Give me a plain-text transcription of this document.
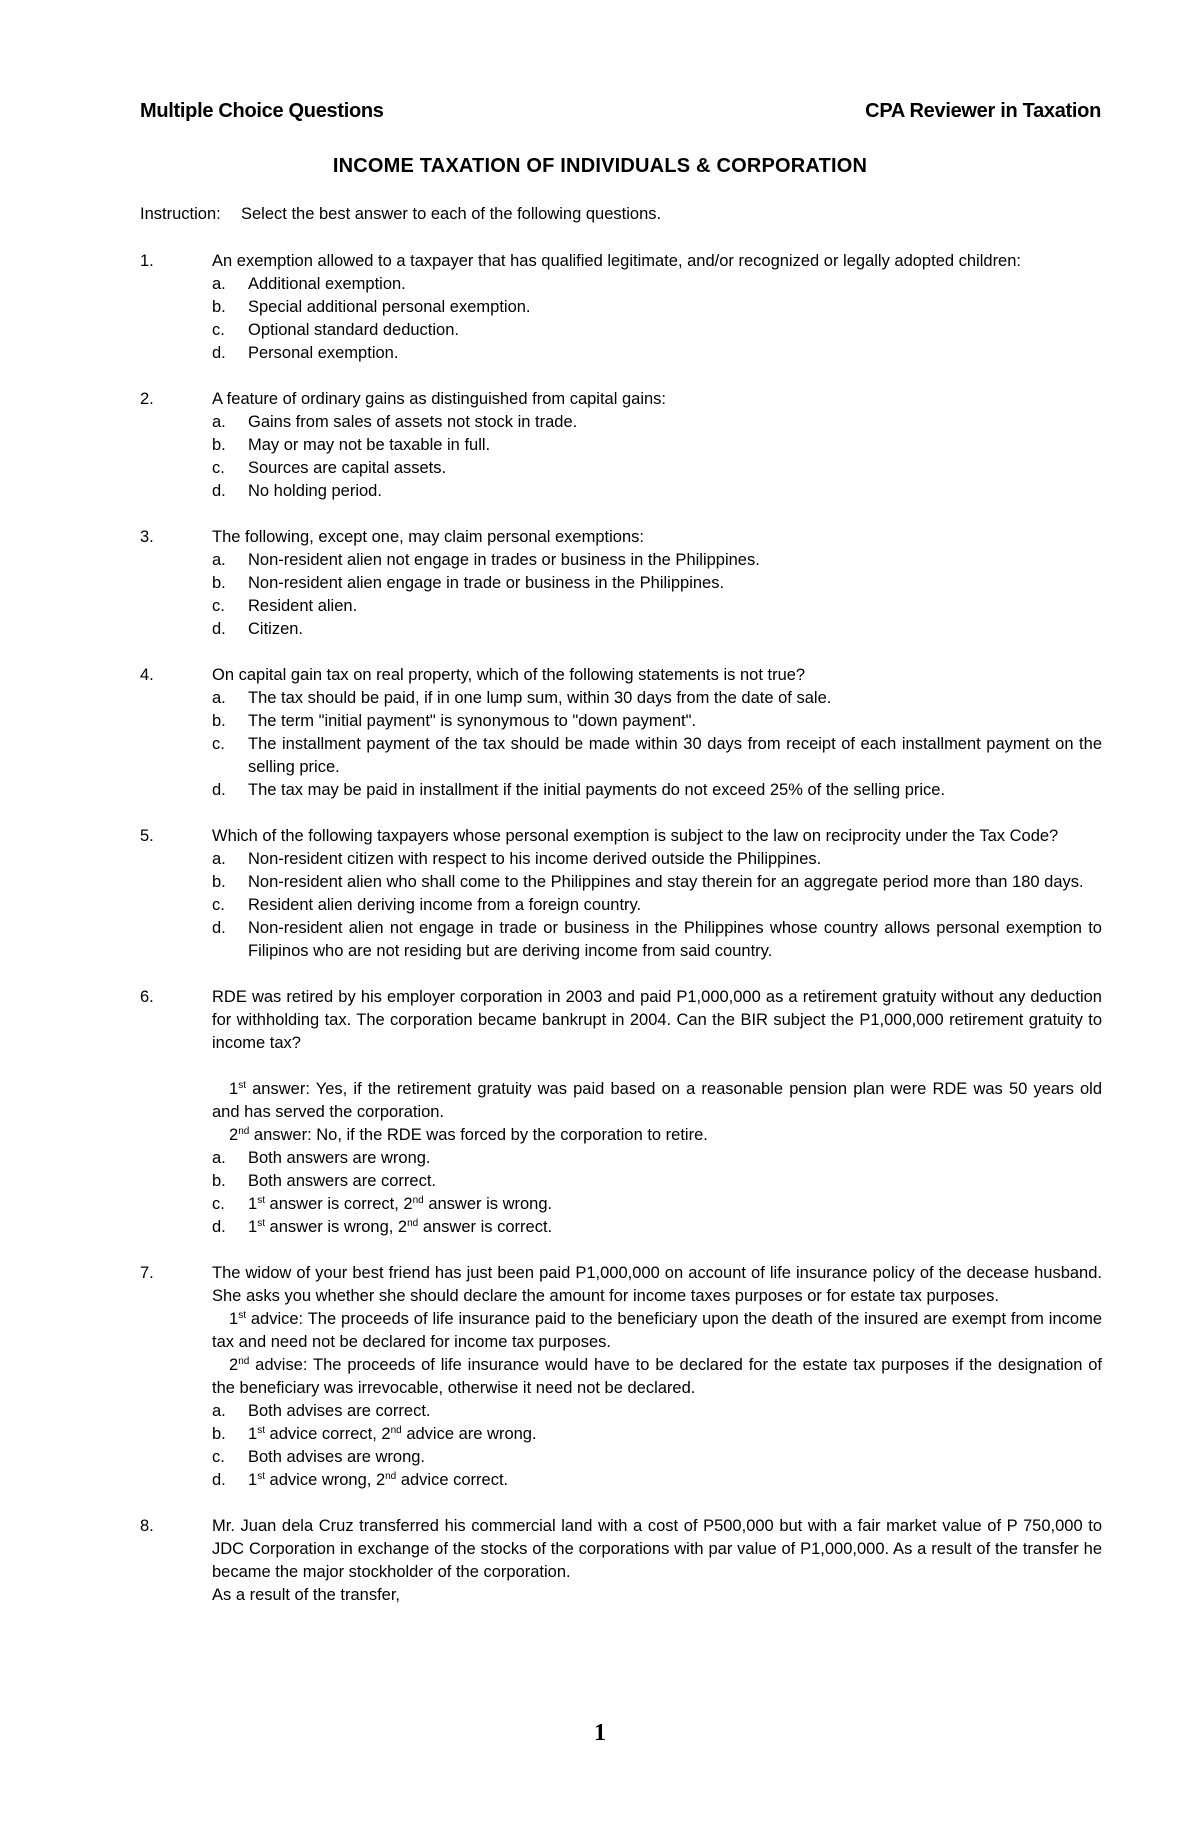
Multiple Choice Questions	CPA Reviewer in Taxation
INCOME TAXATION OF INDIVIDUALS & CORPORATION
Instruction: Select the best answer to each of the following questions.
1.	An exemption allowed to a taxpayer that has qualified legitimate, and/or recognized or legally adopted children:
a. Additional exemption.
b. Special additional personal exemption.
c. Optional standard deduction.
d. Personal exemption.
2.	A feature of ordinary gains as distinguished from capital gains:
a. Gains from sales of assets not stock in trade.
b. May or may not be taxable in full.
c. Sources are capital assets.
d. No holding period.
3.	The following, except one, may claim personal exemptions:
a. Non-resident alien not engage in trades or business in the Philippines.
b. Non-resident alien engage in trade or business in the Philippines.
c. Resident alien.
d. Citizen.
4.	On capital gain tax on real property, which of the following statements is not true?
a. The tax should be paid, if in one lump sum, within 30 days from the date of sale.
b. The term "initial payment" is synonymous to "down payment".
c. The installment payment of the tax should be made within 30 days from receipt of each installment payment on the selling price.
d. The tax may be paid in installment if the initial payments do not exceed 25% of the selling price.
5.	Which of the following taxpayers whose personal exemption is subject to the law on reciprocity under the Tax Code?
a. Non-resident citizen with respect to his income derived outside the Philippines.
b. Non-resident alien who shall come to the Philippines and stay therein for an aggregate period more than 180 days.
c. Resident alien deriving income from a foreign country.
d. Non-resident alien not engage in trade or business in the Philippines whose country allows personal exemption to Filipinos who are not residing but are deriving income from said country.
6.	RDE was retired by his employer corporation in 2003 and paid P1,000,000 as a retirement gratuity without any deduction for withholding tax. The corporation became bankrupt in 2004. Can the BIR subject the P1,000,000 retirement gratuity to income tax?
1st answer: Yes, if the retirement gratuity was paid based on a reasonable pension plan were RDE was 50 years old and has served the corporation.
2nd answer: No, if the RDE was forced by the corporation to retire.
a. Both answers are wrong.
b. Both answers are correct.
c. 1st answer is correct, 2nd answer is wrong.
d. 1st answer is wrong, 2nd answer is correct.
7.	The widow of your best friend has just been paid P1,000,000 on account of life insurance policy of the decease husband. She asks you whether she should declare the amount for income taxes purposes or for estate tax purposes.
1st advice: The proceeds of life insurance paid to the beneficiary upon the death of the insured are exempt from income tax and need not be declared for income tax purposes.
2nd advise: The proceeds of life insurance would have to be declared for the estate tax purposes if the designation of the beneficiary was irrevocable, otherwise it need not be declared.
a. Both advises are correct.
b. 1st advice correct, 2nd advice are wrong.
c. Both advises are wrong.
d. 1st advice wrong, 2nd advice correct.
8.	Mr. Juan dela Cruz transferred his commercial land with a cost of P500,000 but with a fair market value of P 750,000 to JDC Corporation in exchange of the stocks of the corporations with par value of P1,000,000. As a result of the transfer he became the major stockholder of the corporation.
As a result of the transfer,
1
